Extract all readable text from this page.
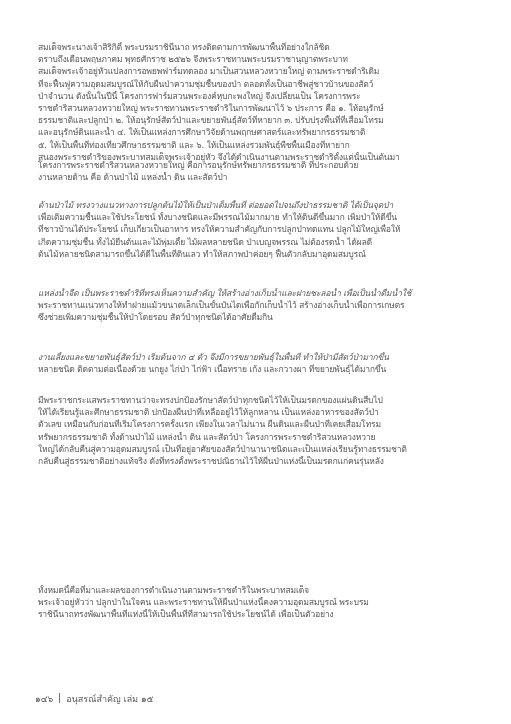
สมเด็จพระนางเจ้าสิริกิติ์ พระบรมราชินีนาถ ทรงติดตามการพัฒนาพื้นที่อย่างใกล้ชิด
ตราบถึงเดือนพฤษภาคม พุทธศักราช ๒๕๒๖ จึงพระราชทานพระบรมราชานุญาตพระบาท
สมเด็จพระเจ้าอยู่หัวแปลงการอพยพฟาร์มทดลอง มาเป็นสวนหลวงหวายใหญ่ ตามพระราชดำริเดิม
ที่จะฟื้นฟูความอุดมสมบูรณ์ให้กับผืนป่าความชุ่มชื้นของป่า ตลอดทั้งเป็นอาชีพสู่ชาวบ้านของสัตว์
ป่าจำนวน ดังนั้นในปีนี้ โครงการฟาร์มสวนพระองค์หุบกะพงใหญ่ จึงเปลี่ยนเป็น โครงการพระ
ราชดำริสวนหลวงหวายใหญ่ พระราชทานพระราชดำริในการพัฒนาไว้ ๖ ประการ คือ ๑. ให้อนุรักษ์
ธรรมชาติและปลูกป่า ๒. ให้อนุรักษ์สัตว์ป่าและขยายพันธุ์สัตว์ที่หายาก ๓. ปรับปรุงพื้นที่ที่เสื่อมโทรม
และอนุรักษ์ดินและน้ำ ๔. ให้เป็นแหล่งการศึกษาวิจัยด้านพฤกษศาสตร์และทรัพยากรธรรมชาติ
๕. ให้เป็นพื้นที่ท่องเที่ยวศึกษาธรรมชาติ และ ๖. ให้เป็นแหล่งรวมพันธุ์พืชพื้นเมืองที่หายาก
สนองพระราชดำริของพระบาทสมเด็จพระเจ้าอยู่หัว จึงได้ดำเนินงานตามพระราชดำริตั้งแต่นั้นเป็นต้นมา
โครงการพระราชดำริสวนหลวงหวายใหญ่ คือการอนุรักษ์ทรัพยากรธรรมชาติ ที่ประกอบด้วย
งานหลายด้าน คือ ด้านป่าไม้ แหล่งน้ำ ดิน และสัตว์ป่า
ด้านป่าไม้ ทรงวางแนวทางการปลูกต้นไม้ให้เป็นป่าเต็มพื้นที่ ต่อยอดไปจนถึงป่าธรรมชาติ ได้เป็นจุดป่า
เพื่อเติมความชื้นและใช้ประโยชน์ ทั้งบางชนิดและมีพรรณไม้มากมาย ทำให้ดินดีขึ้นมาก เพิ่มป่าให้ดีขึ้น
ที่ชาวบ้านได้ประโยชน์ เก็บเกี่ยวเป็นอาหาร ทรงให้ความสำคัญกับการปลูกป่าทดแทน ปลูกไม้ใหญ่เพื่อให้
เกิดความชุ่มชื้น ทั้งไม้ยืนต้นและไม้พุ่มเตี้ย ไม้ผลหลายชนิด ป่าเบญจพรรณ ไม่ต้องรดน้ำ ได้ผลดี
ต้นไม้หลายชนิดสามารถขึ้นได้ดีในพื้นที่ดินเลว ทำให้สภาพป่าค่อยๆ ฟื้นตัวกลับมาอุดมสมบูรณ์
แหล่งน้ำจืด เป็นพระราชดำริที่ทรงเห็นความสำคัญ ให้สร้างอ่างเก็บน้ำและฝายชะลอน้ำ เพื่อเป็นน้ำดื่มน้ำใช้
พระราชทานแนวทางให้ทำฝายแม้วขนาดเล็กเป็นขั้นบันไดเพื่อกักเก็บน้ำไว้ สร้างอ่างเก็บน้ำเพื่อการเกษตร
ซึ่งช่วยเพิ่มความชุ่มชื้นให้ป่าโดยรอบ สัตว์ป่าทุกชนิดได้อาศัยดื่มกิน
งานเลี้ยงและขยายพันธุ์สัตว์ป่า เริ่มต้นจาก ๔ ตัว จึงมีการขยายพันธุ์ในพื้นที่ ทำให้ป่ามีสัตว์ป่ามากขึ้น
หลายชนิด ติดตามต่อเนื่องด้วย นกยูง ไก่ป่า ไก่ฟ้า เนื้อทราย เก้ง และกวางผา ที่ขยายพันธุ์ได้มากขึ้น
มีพระราชกระแสพระราชทานว่าจะทรงปกป้องรักษาสัตว์ป่าทุกชนิดไว้ให้เป็นมรดกของแผ่นดินสืบไป
ให้ได้เรียนรู้และศึกษาธรรมชาติ ปกป้องผืนป่าที่เหลืออยู่ไว้ให้ลูกหลาน เป็นแหล่งอาหารของสัตว์ป่า
ตัวเลข เหมือนกับก่อนที่เริ่มโครงการครั้งแรก เพียงในเวลาไม่นาน ผืนดินและผืนป่าที่เคยเสื่อมโทรม
ทรัพยากรธรรมชาติ ทั้งด้านป่าไม้ แหล่งน้ำ ดิน และสัตว์ป่า โครงการพระราชดำริสวนหลวงหวาย
ใหญ่ได้กลับคืนสู่ความอุดมสมบูรณ์ เป็นที่อยู่อาศัยของสัตว์ป่านานาชนิดและเป็นแหล่งเรียนรู้ทางธรรมชาติ
กลับคืนสู่ธรรมชาติอย่างแท้จริง ดังที่ทรงตั้งพระราชปณิธานไว้ให้ผืนป่าแห่งนี้เป็นมรดกแก่คนรุ่นหลัง
ทั้งหมดนี้คือที่มาและผลของการดำเนินงานตามพระราชดำริในพระบาทสมเด็จ
พระเจ้าอยู่หัวว่า ปลูกป่าในใจคน และพระราชทานให้ผืนป่าแห่งนี้คงความอุดมสมบูรณ์ พระบรม
ราชินีนาถทรงพัฒนาพื้นที่แห่งนี้ให้เป็นพื้นที่ที่สามารถใช้ประโยชน์ได้ เพื่อเป็นตัวอย่าง
๑๔๖ อนุสรณ์สำคัญ เล่ม ๑๕
